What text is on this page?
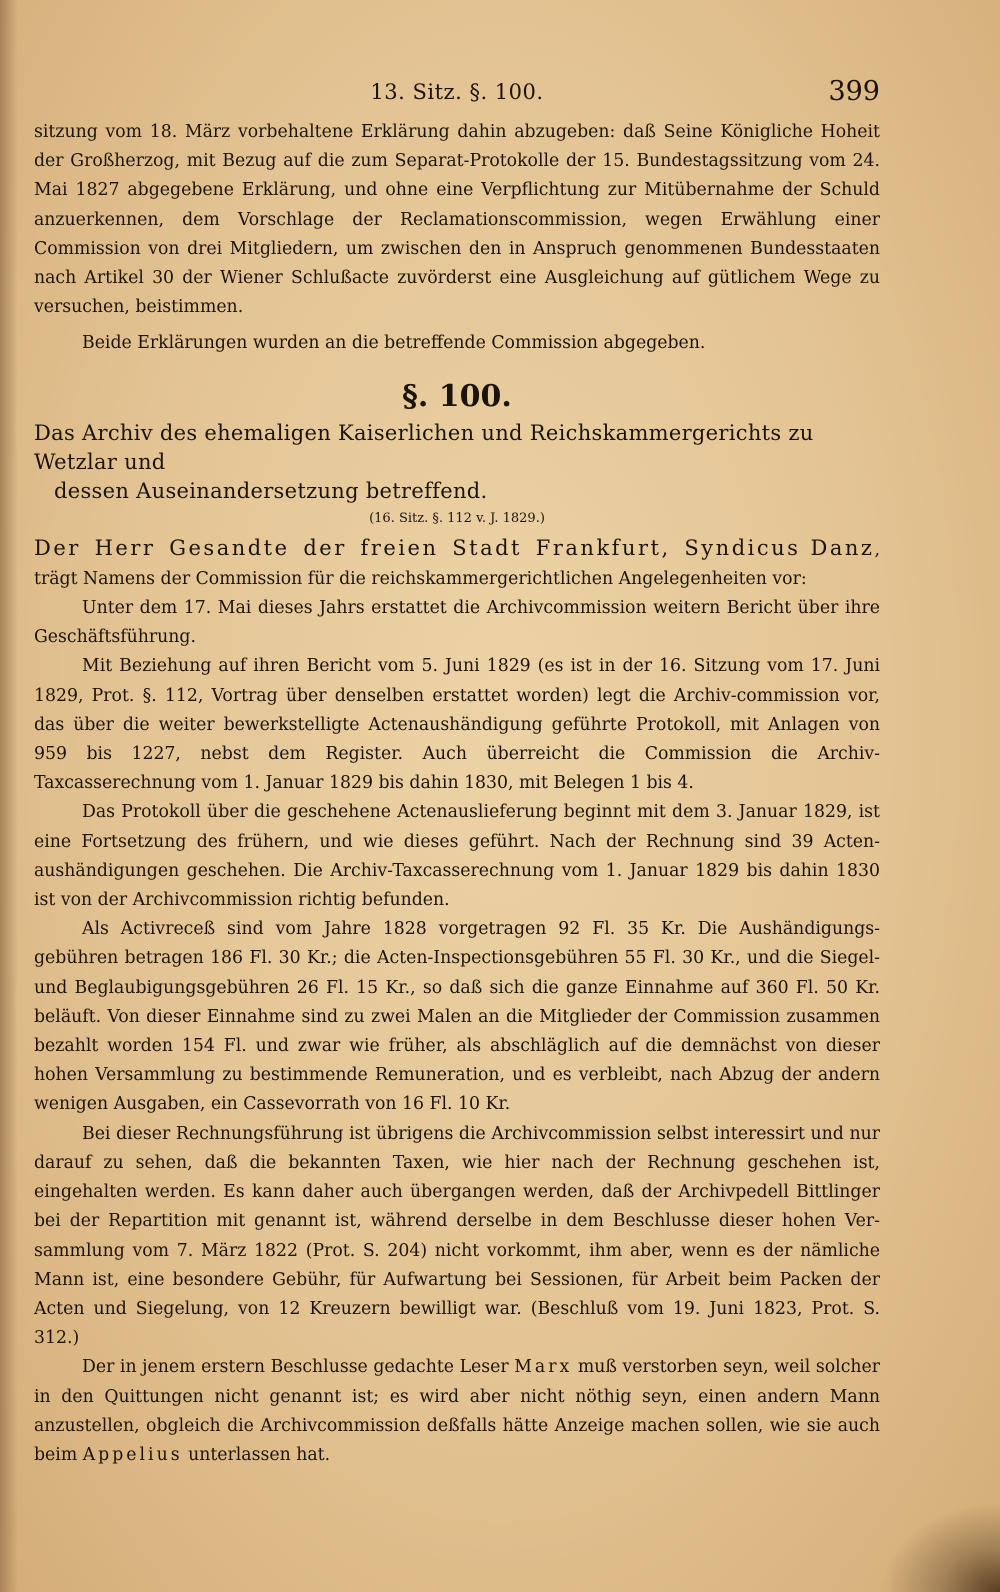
13. Sitz. §. 100.	399

sitzung vom 18. März vorbehaltene Erklärung dahin abzugeben: daß Seine Königliche Hoheit der Großherzog, mit Bezug auf die zum Separat-Protokolle der 15. Bundestagssitzung vom 24. Mai 1827 abgegebene Erklärung, und ohne eine Verpflichtung zur Mitübernahme der Schuld anzuerkennen, dem Vorschlage der Reclamationscommission, wegen Erwählung einer Commission von drei Mitgliedern, um zwischen den in Anspruch genommenen Bundesstaaten nach Artikel 30 der Wiener Schlußacte zuvörderst eine Ausgleichung auf gütlichem Wege zu versuchen, beistimmen.

Beide Erklärungen wurden an die betreffende Commission abgegeben.

§. 100.
Das Archiv des ehemaligen Kaiserlichen und Reichskammergerichts zu Wetzlar und
dessen Auseinandersetzung betreffend.
(16. Sitz. §. 112 v. J. 1829.)

Der Herr Gesandte der freien Stadt Frankfurt, Syndicus Danz, trägt Namens der Commission für die reichskammergerichtlichen Angelegenheiten vor:

Unter dem 17. Mai dieses Jahrs erstattet die Archivcommission weitern Bericht über ihre Geschäftsführung.

Mit Beziehung auf ihren Bericht vom 5. Juni 1829 (es ist in der 16. Sitzung vom 17. Juni 1829, Prot. §. 112, Vortrag über denselben erstattet worden) legt die Archiv-commission vor, das über die weiter bewerkstelligte Actenaushändigung geführte Protokoll, mit Anlagen von 959 bis 1227, nebst dem Register. Auch überreicht die Commission die Archiv-Taxcasserechnung vom 1. Januar 1829 bis dahin 1830, mit Belegen 1 bis 4.

Das Protokoll über die geschehene Actenauslieferung beginnt mit dem 3. Januar 1829, ist eine Fortsetzung des frühern, und wie dieses geführt. Nach der Rechnung sind 39 Acten-aushändigungen geschehen. Die Archiv-Taxcasserechnung vom 1. Januar 1829 bis dahin 1830 ist von der Archivcommission richtig befunden.

Als Activreceß sind vom Jahre 1828 vorgetragen 92 Fl. 35 Kr. Die Aushändigungs-gebühren betragen 186 Fl. 30 Kr.; die Acten-Inspectionsgebühren 55 Fl. 30 Kr., und die Siegel- und Beglaubigungsgebühren 26 Fl. 15 Kr., so daß sich die ganze Einnahme auf 360 Fl. 50 Kr. beläuft. Von dieser Einnahme sind zu zwei Malen an die Mitglieder der Commission zusammen bezahlt worden 154 Fl. und zwar wie früher, als abschläglich auf die demnächst von dieser hohen Versammlung zu bestimmende Remuneration, und es verbleibt, nach Abzug der andern wenigen Ausgaben, ein Cassevorrath von 16 Fl. 10 Kr.

Bei dieser Rechnungsführung ist übrigens die Archivcommission selbst interessirt und nur darauf zu sehen, daß die bekannten Taxen, wie hier nach der Rechnung geschehen ist, eingehalten werden. Es kann daher auch übergangen werden, daß der Archivpedell Bittlinger bei der Repartition mit genannt ist, während derselbe in dem Beschlusse dieser hohen Ver-sammlung vom 7. März 1822 (Prot. S. 204) nicht vorkommt, ihm aber, wenn es der nämliche Mann ist, eine besondere Gebühr, für Aufwartung bei Sessionen, für Arbeit beim Packen der Acten und Siegelung, von 12 Kreuzern bewilligt war. (Beschluß vom 19. Juni 1823, Prot. S. 312.)

Der in jenem erstern Beschlusse gedachte Leser Marx muß verstorben seyn, weil solcher in den Quittungen nicht genannt ist; es wird aber nicht nöthig seyn, einen andern Mann anzustellen, obgleich die Archivcommission deßfalls hätte Anzeige machen sollen, wie sie auch beim Appelius unterlassen hat.
